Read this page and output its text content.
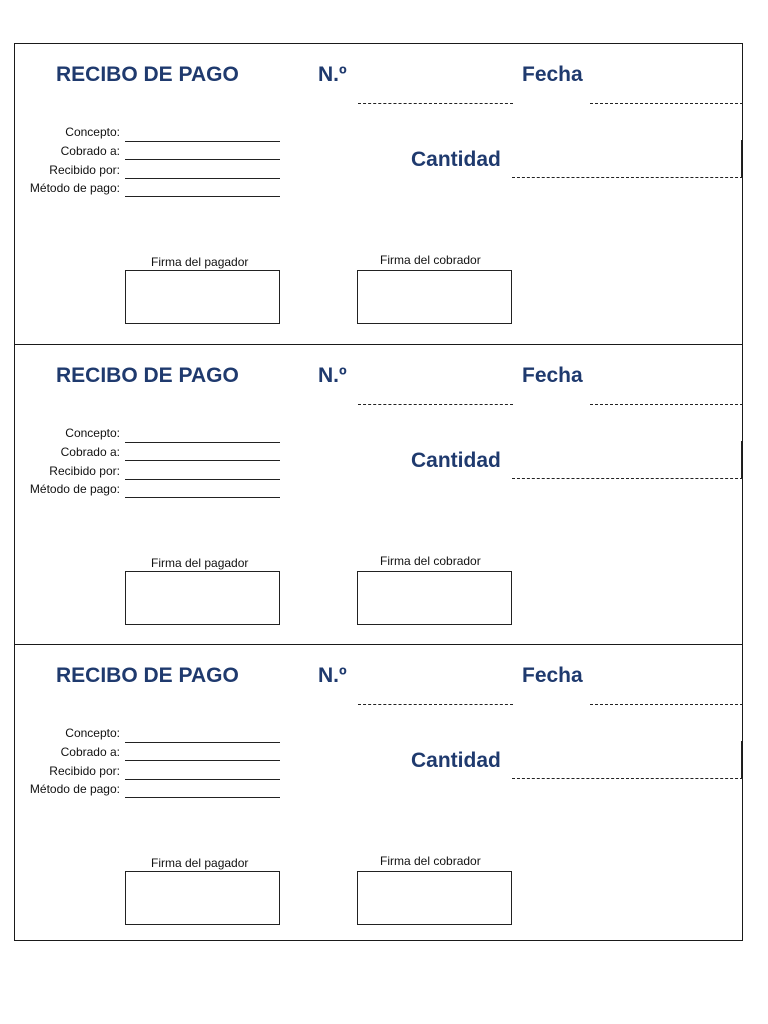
RECIBO DE PAGO	N.º	Fecha
Cantidad
Concepto:
Cobrado a:
Recibido por:
Método de pago:
Firma del pagador	Firma del cobrador
RECIBO DE PAGO	N.º	Fecha
Cantidad
Concepto:
Cobrado a:
Recibido por:
Método de pago:
Firma del pagador	Firma del cobrador
RECIBO DE PAGO	N.º	Fecha
Cantidad
Concepto:
Cobrado a:
Recibido por:
Método de pago:
Firma del pagador	Firma del cobrador
